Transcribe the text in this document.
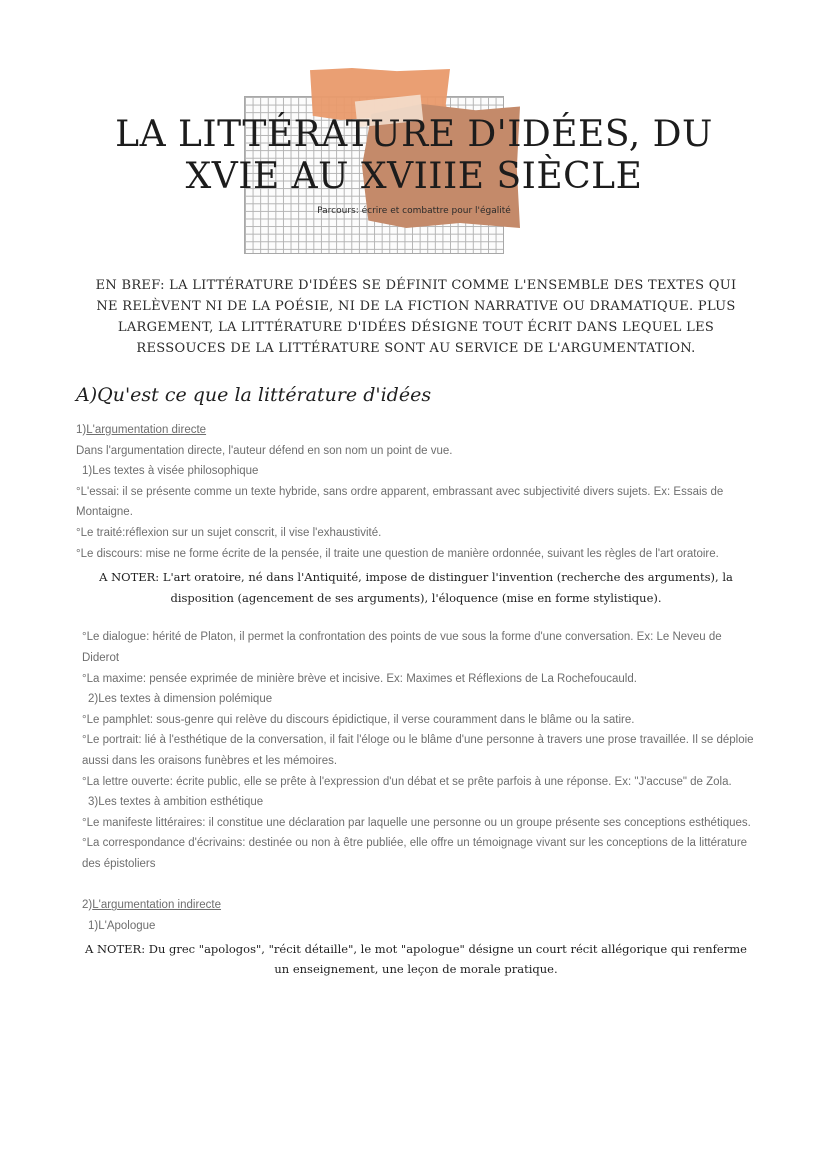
LA LITTÉRATURE D'IDÉES, DU
XVIE AU XVIIIE SIÈCLE
Parcours: écrire et combattre pour l'égalité

EN BREF: LA LITTÉRATURE D'IDÉES SE DÉFINIT COMME L'ENSEMBLE DES TEXTES QUI NE RELÈVENT NI DE LA POÉSIE, NI DE LA FICTION NARRATIVE OU DRAMATIQUE. PLUS LARGEMENT, LA LITTÉRATURE D'IDÉES DÉSIGNE TOUT ÉCRIT DANS LEQUEL LES RESSOUCES DE LA LITTÉRATURE SONT AU SERVICE DE L'ARGUMENTATION.

A)Qu'est ce que la littérature d'idées

1)L'argumentation directe

Dans l'argumentation directe, l'auteur défend en son nom un point de vue.

1)Les textes à visée philosophique

°L'essai: il se présente comme un texte hybride, sans ordre apparent, embrassant avec subjectivité divers sujets. Ex: Essais de Montaigne.

°Le traité:réflexion sur un sujet conscrit, il vise l'exhaustivité.

°Le discours: mise ne forme écrite de la pensée, il traite une question de manière ordonnée, suivant les règles de l'art oratoire.

A NOTER: L'art oratoire, né dans l'Antiquité, impose de distinguer l'invention (recherche des arguments), la disposition (agencement de ses arguments), l'éloquence (mise en forme stylistique).

°Le dialogue: hérité de Platon, il permet la confrontation des points de vue sous la forme d'une conversation. Ex: Le Neveu de Diderot

°La maxime: pensée exprimée de minière brève et incisive. Ex: Maximes et Réflexions de La Rochefoucauld.

2)Les textes à dimension polémique

°Le pamphlet: sous-genre qui relève du discours épidictique, il verse couramment dans le blâme ou la satire.

°Le portrait: lié à l'esthétique de la conversation, il fait l'éloge ou le blâme d'une personne à travers une prose travaillée. Il se déploie aussi dans les oraisons funèbres et les mémoires.

°La lettre ouverte: écrite public, elle se prête à l'expression d'un débat et se prête parfois à une réponse. Ex: "J'accuse" de Zola.

3)Les textes à ambition esthétique

°Le manifeste littéraires: il constitue une déclaration par laquelle une personne ou un groupe présente ses conceptions esthétiques.

°La correspondance d'écrivains: destinée ou non à être publiée, elle offre un témoignage vivant sur les conceptions de la littérature des épistoliers

2)L'argumentation indirecte

1)L'Apologue

A NOTER: Du grec "apologos", "récit détaille", le mot "apologue" désigne un court récit allégorique qui renferme un enseignement, une leçon de morale pratique.
